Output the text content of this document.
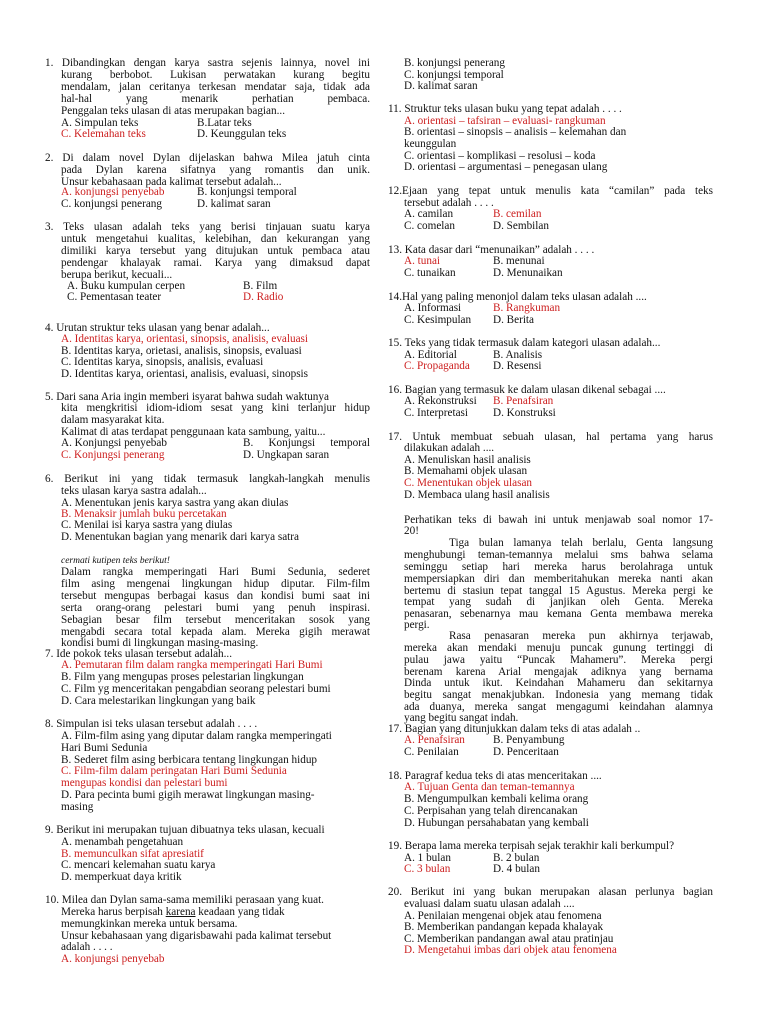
1. Dibandingkan dengan karya sastra sejenis lainnya, novel ini
kurang berbobot. Lukisan perwatakan kurang begitu
mendalam, jalan ceritanya terkesan mendatar saja, tidak ada
hal-hal yang menarik perhatian pembaca.
Penggalan teks ulasan di atas merupakan bagian...
A. Simpulan teks	B.Latar teks
C. Kelemahan teks	D. Keunggulan teks
2. Di dalam novel Dylan dijelaskan bahwa Milea jatuh cinta
pada Dylan karena sifatnya yang romantis dan unik.
Unsur kebahasaan pada kalimat tersebut adalah...
A. konjungsi penyebab	B. konjungsi temporal
C. konjungsi penerang	D. kalimat saran
3. Teks ulasan adalah teks yang berisi tinjauan suatu karya
untuk mengetahui kualitas, kelebihan, dan kekurangan yang
dimiliki karya tersebut yang ditujukan untuk pembaca atau
pendengar khalayak ramai. Karya yang dimaksud dapat
berupa berikut, kecuali...
A. Buku kumpulan cerpen	B. Film
C. Pementasan teater	D. Radio
4. Urutan struktur teks ulasan yang benar adalah...
A. Identitas karya, orientasi, sinopsis, analisis, evaluasi
B. Identitas karya, orietasi, analisis, sinopsis, evaluasi
C. Identitas karya, sinopsis, analisis, evaluasi
D. Identitas karya, orientasi, analisis, evaluasi, sinopsis
5. Dari sana Aria ingin memberi isyarat bahwa sudah waktunya
kita mengkritisi idiom-idiom sesat yang kini terlanjur hidup
dalam masyarakat kita.
Kalimat di atas terdapat penggunaan kata sambung, yaitu...
A. Konjungsi penyebab	B. Konjungsi temporal
C. Konjungsi penerang	D. Ungkapan saran
6. Berikut ini yang tidak termasuk langkah-langkah menulis
teks ulasan karya sastra adalah...
A. Menentukan jenis karya sastra yang akan diulas
B. Menaksir jumlah buku percetakan
C. Menilai isi karya sastra yang diulas
D. Menentukan bagian yang menarik dari karya satra
cermati kutipen teks berikut!
Dalam rangka memperingati Hari Bumi Sedunia, sederet
film asing mengenai lingkungan hidup diputar. Film-film
tersebut mengupas berbagai kasus dan kondisi bumi saat ini
serta orang-orang pelestari bumi yang penuh inspirasi.
Sebagian besar film tersebut menceritakan sosok yang
mengabdi secara total kepada alam. Mereka gigih merawat
kondisi bumi di lingkungan masing-masing.
7. Ide pokok teks ulasan tersebut adalah...
A. Pemutaran film dalam rangka memperingati Hari Bumi
B. Film yang mengupas proses pelestarian lingkungan
C. Film yg menceritakan pengabdian seorang pelestari bumi
D. Cara melestarikan lingkungan yang baik
8. Simpulan isi teks ulasan tersebut adalah . . . .
A. Film-film asing yang diputar dalam rangka memperingati
Hari Bumi Sedunia
B. Sederet film asing berbicara tentang lingkungan hidup
C. Film-film dalam peringatan Hari Bumi Sedunia
mengupas kondisi dan pelestari bumi
D. Para pecinta bumi gigih merawat lingkungan masing-
masing
9. Berikut ini merupakan tujuan dibuatnya teks ulasan, kecuali
A. menambah pengetahuan
B. memunculkan sifat apresiatif
C. mencari kelemahan suatu karya
D. memperkuat daya kritik
10. Milea dan Dylan sama-sama memiliki perasaan yang kuat.
Mereka harus berpisah karena keadaan yang tidak
memungkinkan mereka untuk bersama.
Unsur kebahasaan yang digarisbawahi pada kalimat tersebut
adalah . . . .
A. konjungsi penyebab
B. konjungsi penerang
C. konjungsi temporal
D. kalimat saran
11. Struktur teks ulasan buku yang tepat adalah . . . .
A. orientasi – tafsiran – evaluasi- rangkuman
B. orientasi – sinopsis – analisis – kelemahan dan
keunggulan
C. orientasi – komplikasi – resolusi – koda
D. orientasi – argumentasi – penegasan ulang
12.Ejaan yang tepat untuk menulis kata “camilan” pada teks
tersebut adalah . . . .
A. camilan	B. cemilan
C. comelan	D. Sembilan
13. Kata dasar dari “menunaikan” adalah . . . .
A. tunai	B. menunai
C. tunaikan	D. Menunaikan
14.Hal yang paling menonjol dalam teks ulasan adalah ....
A. Informasi	B. Rangkuman
C. Kesimpulan D. Berita
15. Teks yang tidak termasuk dalam kategori ulasan adalah...
A. Editorial	B. Analisis
C. Propaganda D. Resensi
16. Bagian yang termasuk ke dalam ulasan dikenal sebagai ....
A. Rekonstruksi B. Penafsiran
C. Interpretasi D. Konstruksi
17. Untuk membuat sebuah ulasan, hal pertama yang harus
dilakukan adalah ....
A. Menuliskan hasil analisis
B. Memahami objek ulasan
C. Menentukan objek ulasan
D. Membaca ulang hasil analisis
Perhatikan teks di bawah ini untuk menjawab soal nomor 17-
20!
Tiga bulan lamanya telah berlalu, Genta langsung
menghubungi teman-temannya melalui sms bahwa selama
seminggu setiap hari mereka harus berolahraga untuk
mempersiapkan diri dan memberitahukan mereka nanti akan
bertemu di stasiun tepat tanggal 15 Agustus. Mereka pergi ke
tempat yang sudah di janjikan oleh Genta. Mereka
penasaran, sebenarnya mau kemana Genta membawa mereka
pergi.
Rasa penasaran mereka pun akhirnya terjawab,
mereka akan mendaki menuju puncak gunung tertinggi di
pulau jawa yaitu “Puncak Mahameru”. Mereka pergi
berenam karena Arial mengajak adiknya yang bernama
Dinda untuk ikut. Keindahan Mahameru dan sekitarnya
begitu sangat menakjubkan. Indonesia yang memang tidak
ada duanya, mereka sangat mengagumi keindahan alamnya
yang begitu sangat indah.
17. Bagian yang ditunjukkan dalam teks di atas adalah ..
A. Penafsiran	B. Penyambung
C. Penilaian	D. Penceritaan
18. Paragraf kedua teks di atas menceritakan ....
A. Tujuan Genta dan teman-temannya
B. Mengumpulkan kembali kelima orang
C. Perpisahan yang telah direncanakan
D. Hubungan persahabatan yang kembali
19. Berapa lama mereka terpisah sejak terakhir kali berkumpul?
A. 1 bulan	B. 2 bulan
C. 3 bulan	D. 4 bulan
20. Berikut ini yang bukan merupakan alasan perlunya bagian
evaluasi dalam suatu ulasan adalah ....
A. Penilaian mengenai objek atau fenomena
B. Memberikan pandangan kepada khalayak
C. Memberikan pandangan awal atau pratinjau
D. Mengetahui imbas dari objek atau fenomena
